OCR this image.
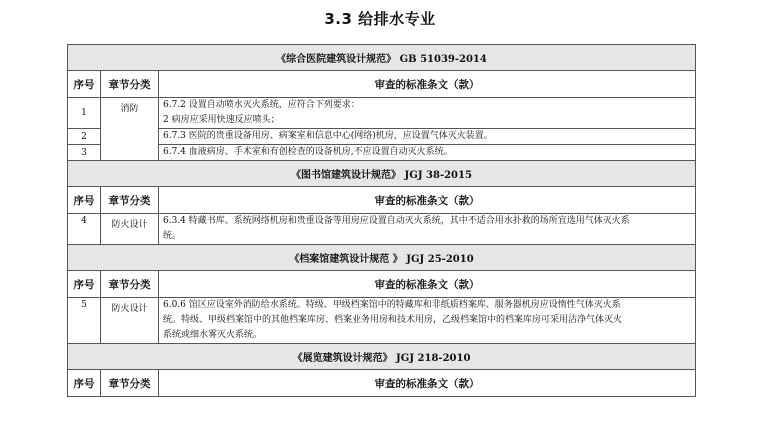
3.3 给排水专业
《综合医院建筑设计规范》 GB 51039-2014		
序号	章节分类	审查的标准条文（款）
1	消防	6.7.2 设置自动喷水灭火系统，应符合下列要求：
2 病房应采用快速反应喷头；

2		6.7.3 医院的贵重设备用房、病案室和信息中心(网络)机房，应设置气体灭火装置。

3		6.7.4 血液病房、手术室和有创检查的设备机房,不应设置自动灭火系统。

《图书馆建筑设计规范》 JGJ 38-2015		
序号	章节分类	审查的标准条文（款）
4	防火设计	6.3.4 特藏书库、系统网络机房和贵重设备等用房应设置自动灭火系统，其中不适合用水扑救的场所宜选用气体灭火系
统。

《档案馆建筑设计规范 》 JGJ 25-2010		
序号	章节分类	审查的标准条文（款）
5	防火设计	6.0.6 馆区应设室外消防给水系统。特级、甲级档案馆中的特藏库和非纸质档案库、服务器机房应设惰性气体灭火系
统。特级、甲级档案馆中的其他档案库房、档案业务用房和技术用房，乙级档案馆中的档案库房可采用洁净气体灭火
系统或细水雾灭火系统。

《展览建筑设计规范》 JGJ 218-2010		
序号	章节分类	审查的标准条文（款）
